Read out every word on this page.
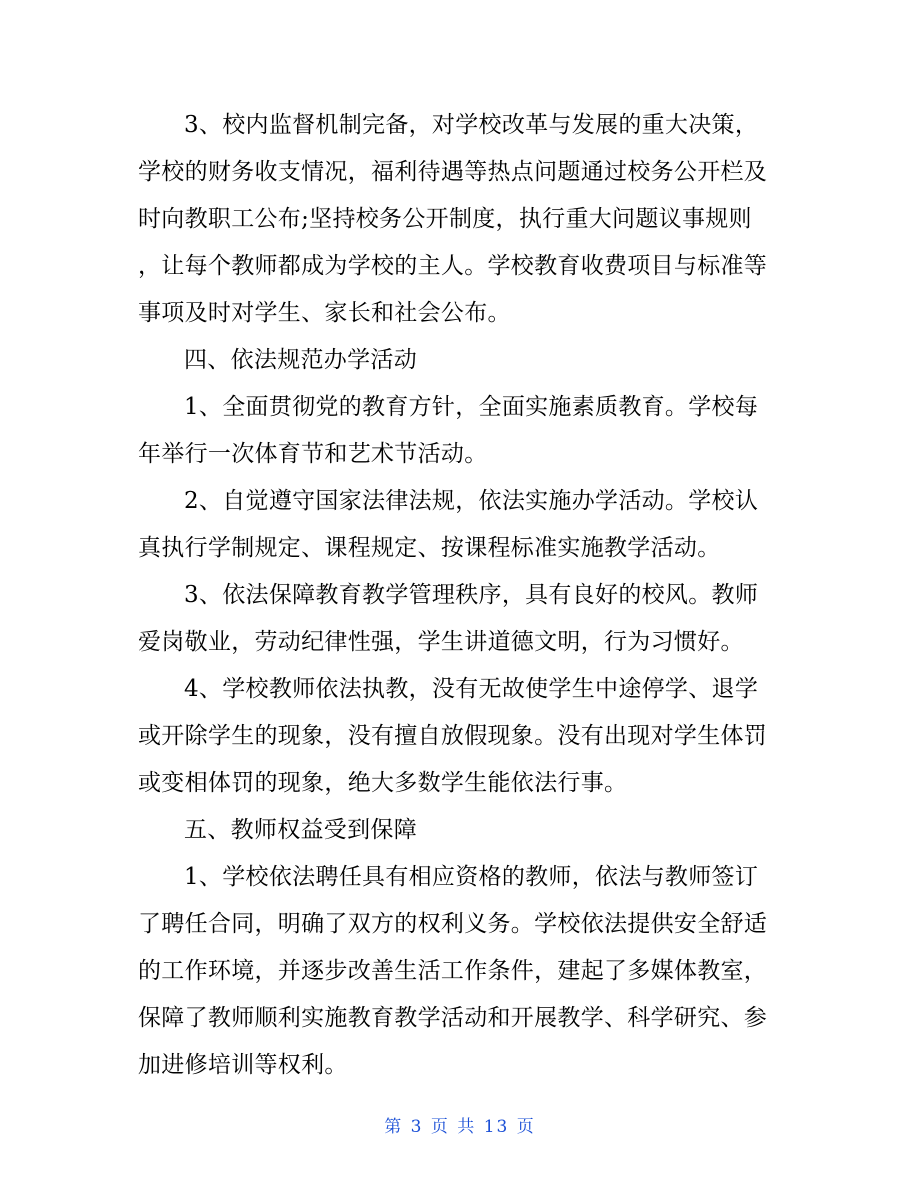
3、校内监督机制完备，对学校改革与发展的重大决策，
学校的财务收支情况，福利待遇等热点问题通过校务公开栏及
时向教职工公布;坚持校务公开制度，执行重大问题议事规则
，让每个教师都成为学校的主人。学校教育收费项目与标准等
事项及时对学生、家长和社会公布。
四、依法规范办学活动
1、全面贯彻党的教育方针，全面实施素质教育。学校每
年举行一次体育节和艺术节活动。
2、自觉遵守国家法律法规，依法实施办学活动。学校认
真执行学制规定、课程规定、按课程标准实施教学活动。
3、依法保障教育教学管理秩序，具有良好的校风。教师
爱岗敬业，劳动纪律性强，学生讲道德文明，行为习惯好。
4、学校教师依法执教，没有无故使学生中途停学、退学
或开除学生的现象，没有擅自放假现象。没有出现对学生体罚
或变相体罚的现象，绝大多数学生能依法行事。
五、教师权益受到保障
1、学校依法聘任具有相应资格的教师，依法与教师签订
了聘任合同，明确了双方的权利义务。学校依法提供安全舒适
的工作环境，并逐步改善生活工作条件，建起了多媒体教室，
保障了教师顺利实施教育教学活动和开展教学、科学研究、参
加进修培训等权利。
第 3 页 共 13 页
